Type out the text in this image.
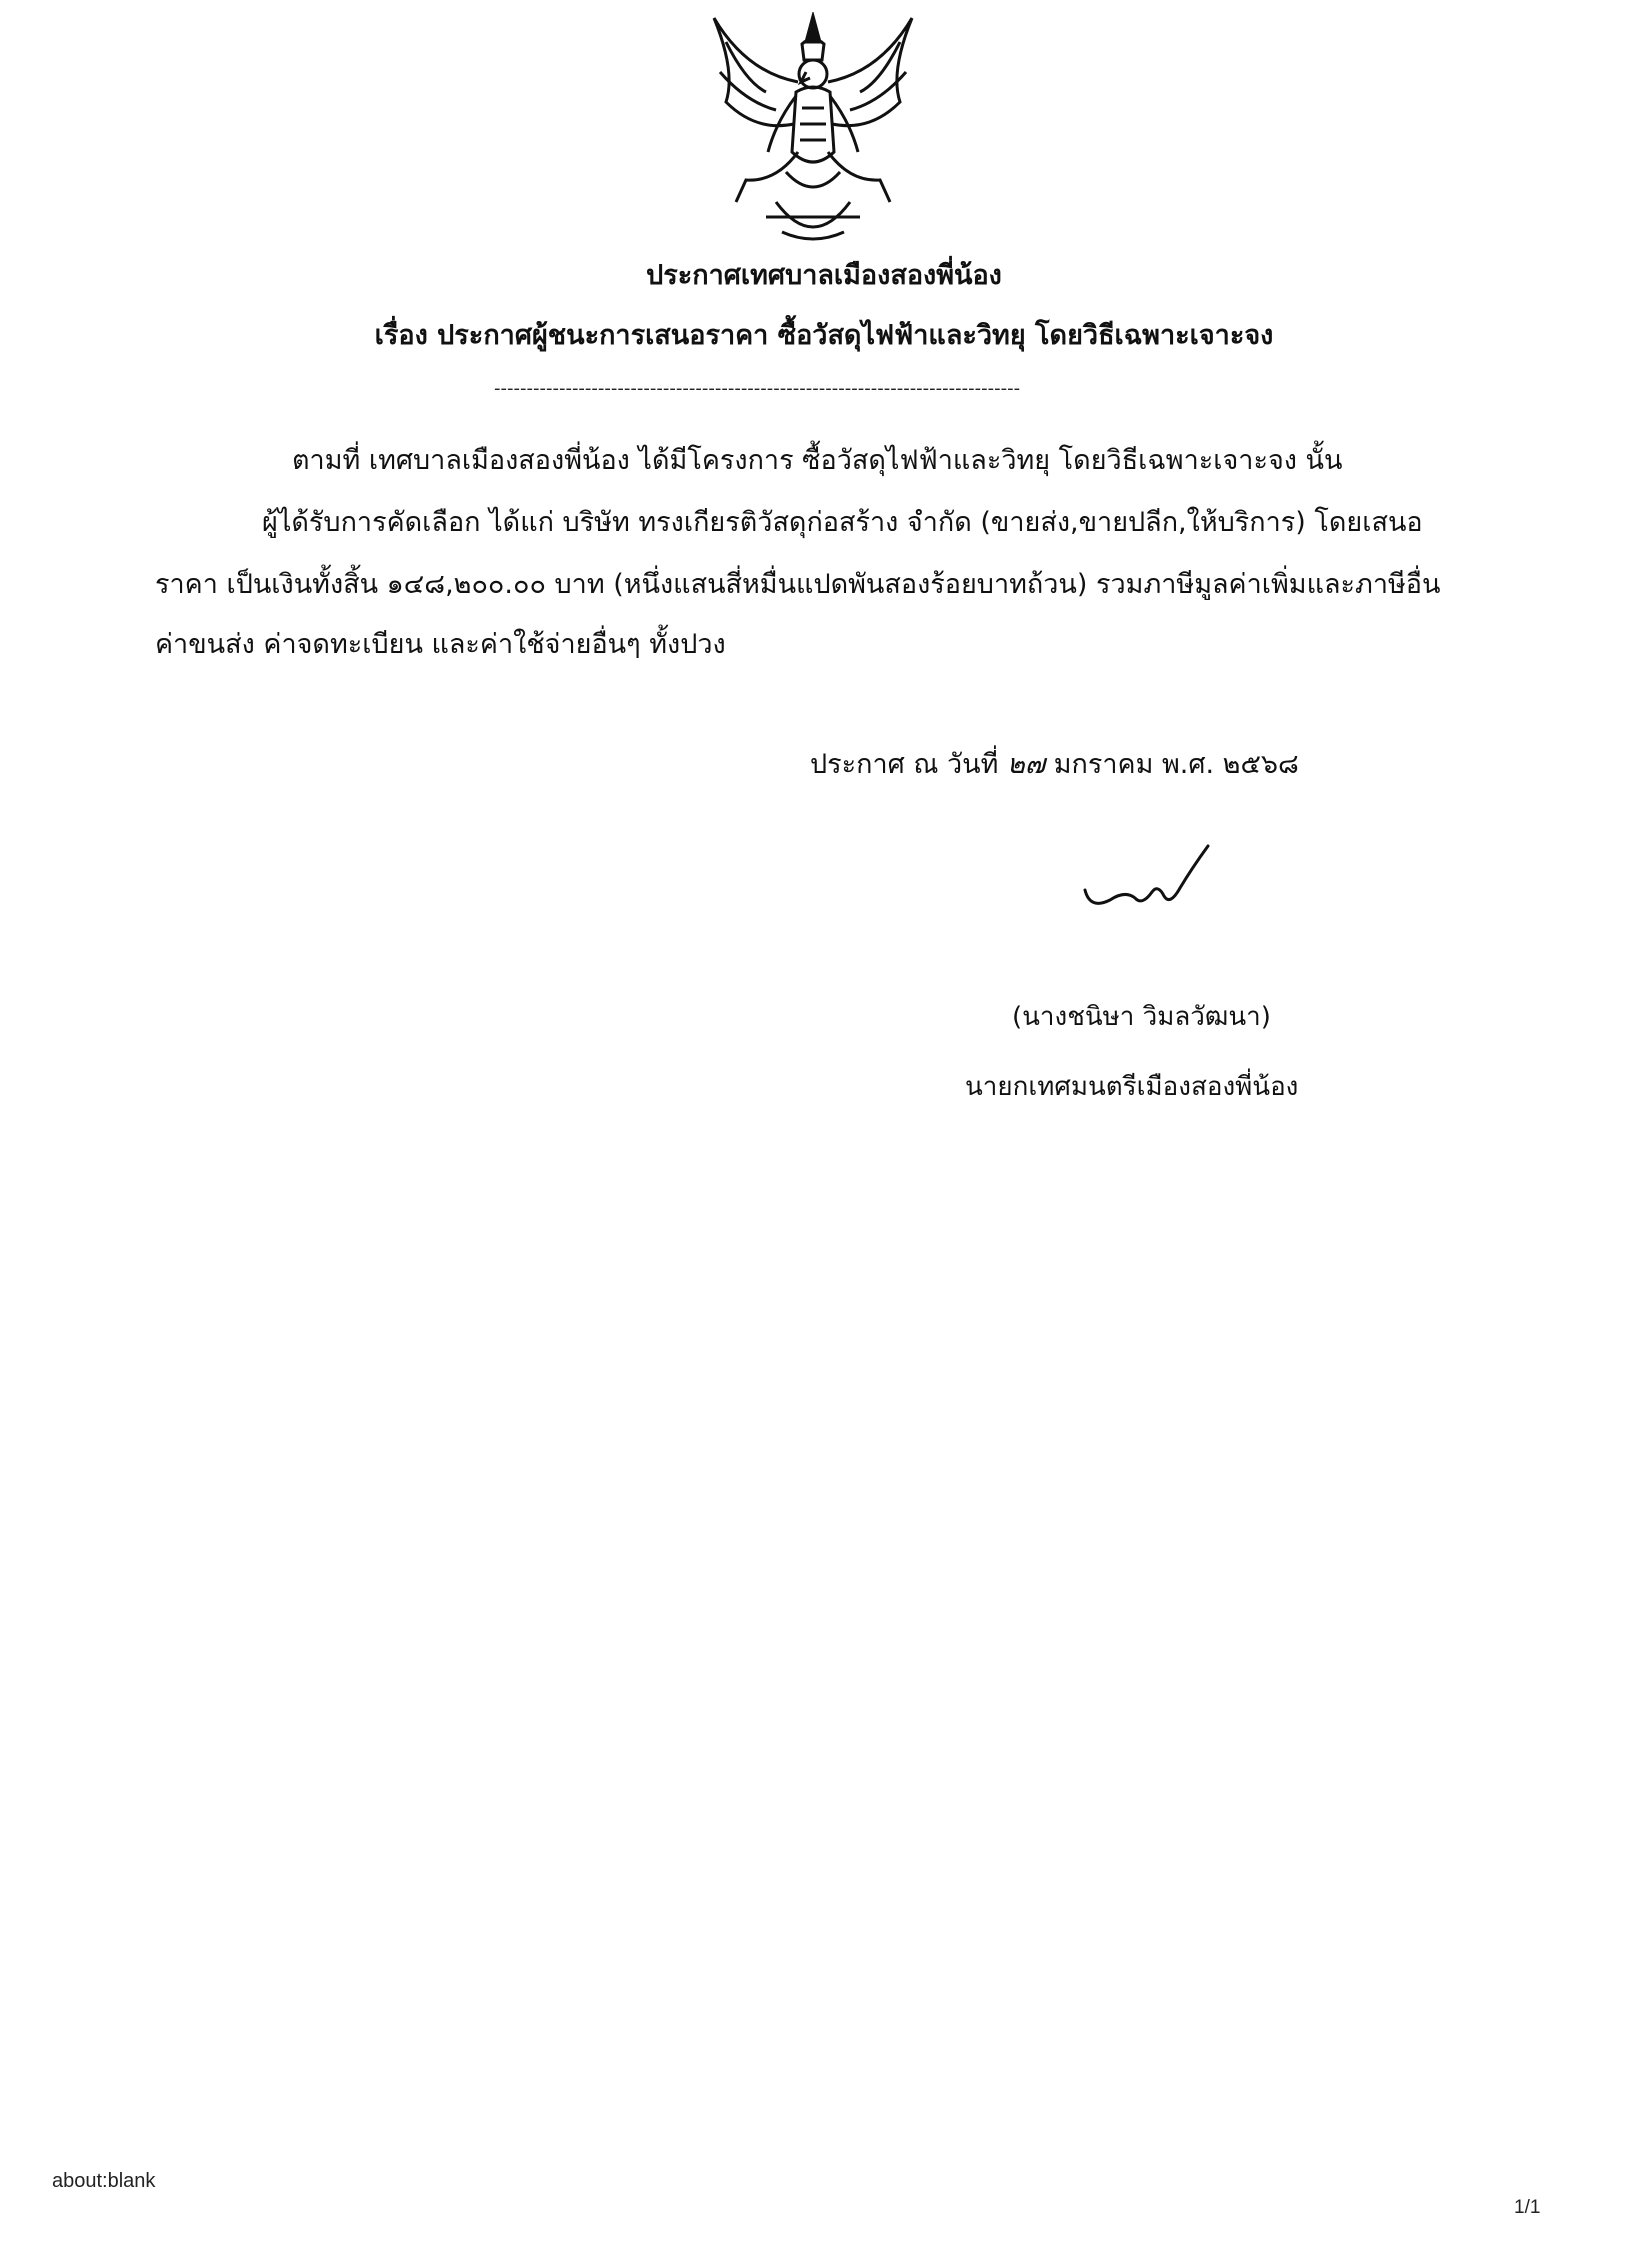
ประกาศเทศบาลเมืองสองพี่น้อง
เรื่อง ประกาศผู้ชนะการเสนอราคา ซื้อวัสดุไฟฟ้าและวิทยุ โดยวิธีเฉพาะเจาะจง
---------------------------------------------------------------------------------
ตามที่ เทศบาลเมืองสองพี่น้อง ได้มีโครงการ ซื้อวัสดุไฟฟ้าและวิทยุ โดยวิธีเฉพาะเจาะจง นั้น
ผู้ได้รับการคัดเลือก ได้แก่ บริษัท ทรงเกียรติวัสดุก่อสร้าง จำกัด (ขายส่ง,ขายปลีก,ให้บริการ) โดยเสนอ
ราคา เป็นเงินทั้งสิ้น ๑๔๘,๒๐๐.๐๐ บาท (หนึ่งแสนสี่หมื่นแปดพันสองร้อยบาทถ้วน) รวมภาษีมูลค่าเพิ่มและภาษีอื่น
ค่าขนส่ง ค่าจดทะเบียน และค่าใช้จ่ายอื่นๆ ทั้งปวง
ประกาศ ณ วันที่ ๒๗ มกราคม พ.ศ. ๒๕๖๘
(นางชนิษา วิมลวัฒนา)
นายกเทศมนตรีเมืองสองพี่น้อง
about:blank
1/1
